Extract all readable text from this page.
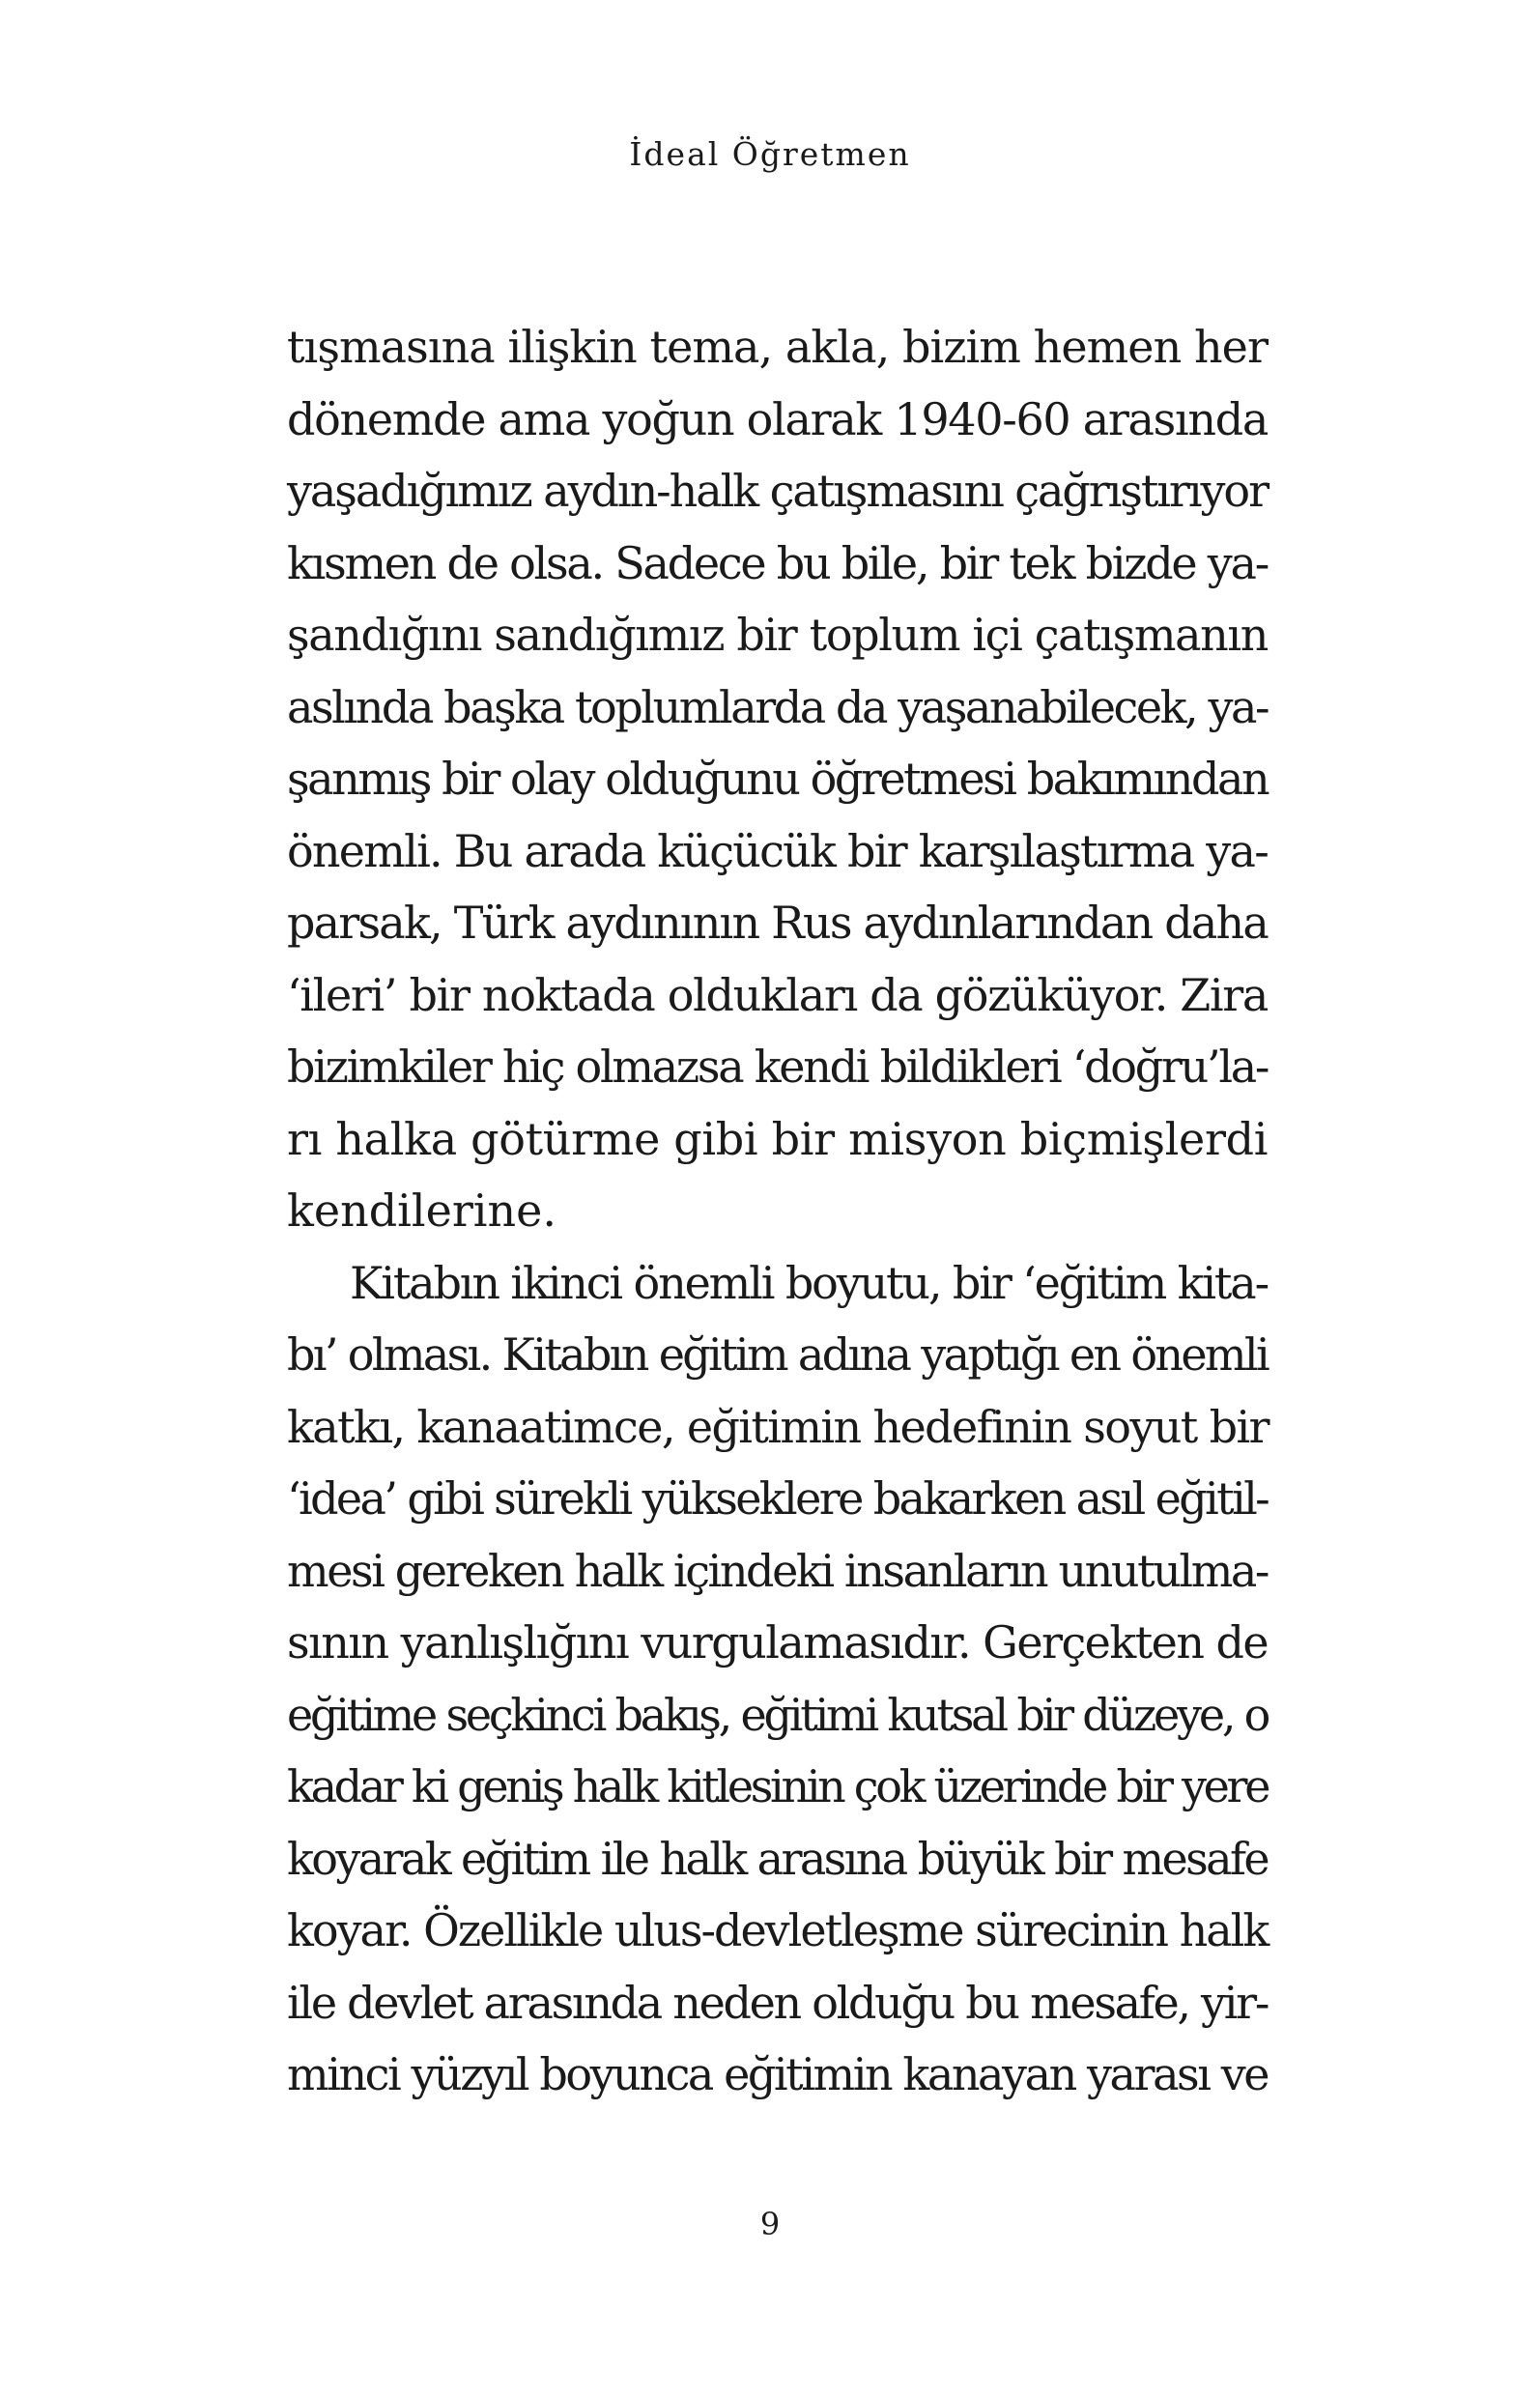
İdeal Öğretmen
tışmasına ilişkin tema, akla, bizim hemen her
dönemde ama yoğun olarak 1940-60 arasında
yaşadığımız aydın-halk çatışmasını çağrıştırıyor
kısmen de olsa. Sadece bu bile, bir tek bizde ya-
şandığını sandığımız bir toplum içi çatışmanın
aslında başka toplumlarda da yaşanabilecek, ya-
şanmış bir olay olduğunu öğretmesi bakımından
önemli. Bu arada küçücük bir karşılaştırma ya-
parsak, Türk aydınının Rus aydınlarından daha
‘ileri’ bir noktada oldukları da gözüküyor. Zira
bizimkiler hiç olmazsa kendi bildikleri ‘doğru’la-
rı halka götürme gibi bir misyon biçmişlerdi
kendilerine.
Kitabın ikinci önemli boyutu, bir ‘eğitim kita-
bı’ olması. Kitabın eğitim adına yaptığı en önemli
katkı, kanaatimce, eğitimin hedefinin soyut bir
‘idea’ gibi sürekli yükseklere bakarken asıl eğitil-
mesi gereken halk içindeki insanların unutulma-
sının yanlışlığını vurgulamasıdır. Gerçekten de
eğitime seçkinci bakış, eğitimi kutsal bir düzeye, o
kadar ki geniş halk kitlesinin çok üzerinde bir yere
koyarak eğitim ile halk arasına büyük bir mesafe
koyar. Özellikle ulus-devletleşme sürecinin halk
ile devlet arasında neden olduğu bu mesafe, yir-
minci yüzyıl boyunca eğitimin kanayan yarası ve
9
